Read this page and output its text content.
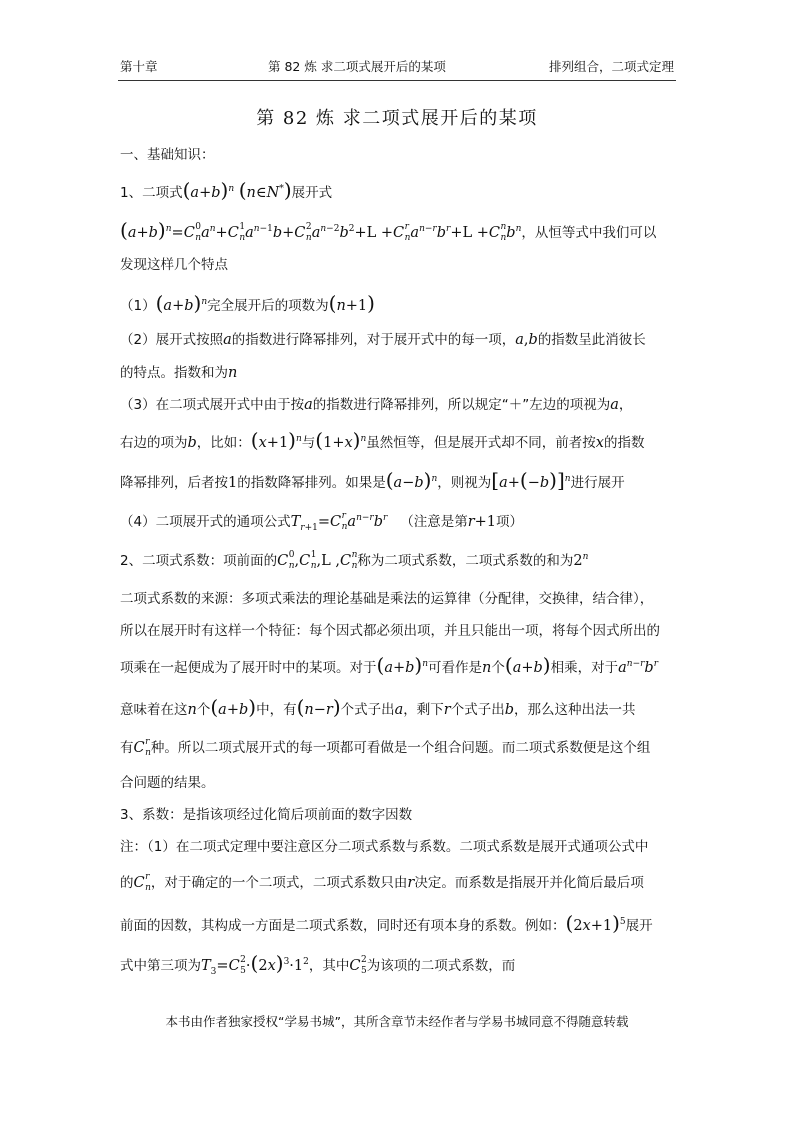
第十章	第 82 炼 求二项式展开后的某项	排列组合，二项式定理
第 82 炼 求二项式展开后的某项
一、基础知识：
1、二项式$(a+b)^n$ (n∈N*)展开式
$(a+b)^n=C$ 0
n $a^n+C$ 1
n $a^{n-1}b+C$ 2
n $a^{n-2}b^2+L +C$ r
n $a^{n-r}b^r+L +C$ n
n $b^n$，从恒等式中我们可以
发现这样几个特点
$(1)(a+b)^n$完全展开后的项数为(n+1)
（2）展开式按照a的指数进行降幂排列，对于展开式中的每一项，a,b的指数呈此消彼长
的特点。指数和为n
（3）在二项式展开式中由于按a的指数进行降幂排列，所以规定“＋”左边的项视为a，
右边的项为b，比如：$(x+1)^n$与$(1+x)^n$虽然恒等，但是展开式却不同，前者按x的指数
降幂排列，后者按1的指数降幂排列。如果是$(a-b)^n$，则视为$[a+(-b)]^n$进行展开
（4）二项展开式的通项公式$T_{r+1}=C$ r
n $a^{n-r}b^r$ （注意是第r+1项）
2、二项式系数：项前面的C 0
n ,C 1
n ,L ,C n
n 称为二项式系数，二项式系数的和为2$^n$
二项式系数的来源：多项式乘法的理论基础是乘法的运算律（分配律，交换律，结合律），
所以在展开时有这样一个特征：每个因式都必须出项，并且只能出一项，将每个因式所出的
项乘在一起便成为了展开时中的某项。对于$(a+b)^n$可看作是n个(a+b)相乘，对于$a^{n-r}b^r$
意味着在这n个(a+b)中，有(n−r)个式子出a，剩下r个式子出b，那么这种出法一共
有C r
n 种。所以二项式展开式的每一项都可看做是一个组合问题。而二项式系数便是这个组
合问题的结果。
3、系数：是指该项经过化简后项前面的数字因数
注：（1）在二项式定理中要注意区分二项式系数与系数。二项式系数是展开式通项公式中
的C r
n ，对于确定的一个二项式，二项式系数只由r决定。而系数是指展开并化简后最后项
前面的因数，其构成一方面是二项式系数，同时还有项本身的系数。例如：$(2x+1)^5$展开
式中第三项为$T_3=C$ 2
$5 \cdot(2x)^3\cdot 1^2$，其中C 2
5 为该项的二项式系数，而
本书由作者独家授权“学易书城”，其所含章节未经作者与学易书城同意不得随意转载
